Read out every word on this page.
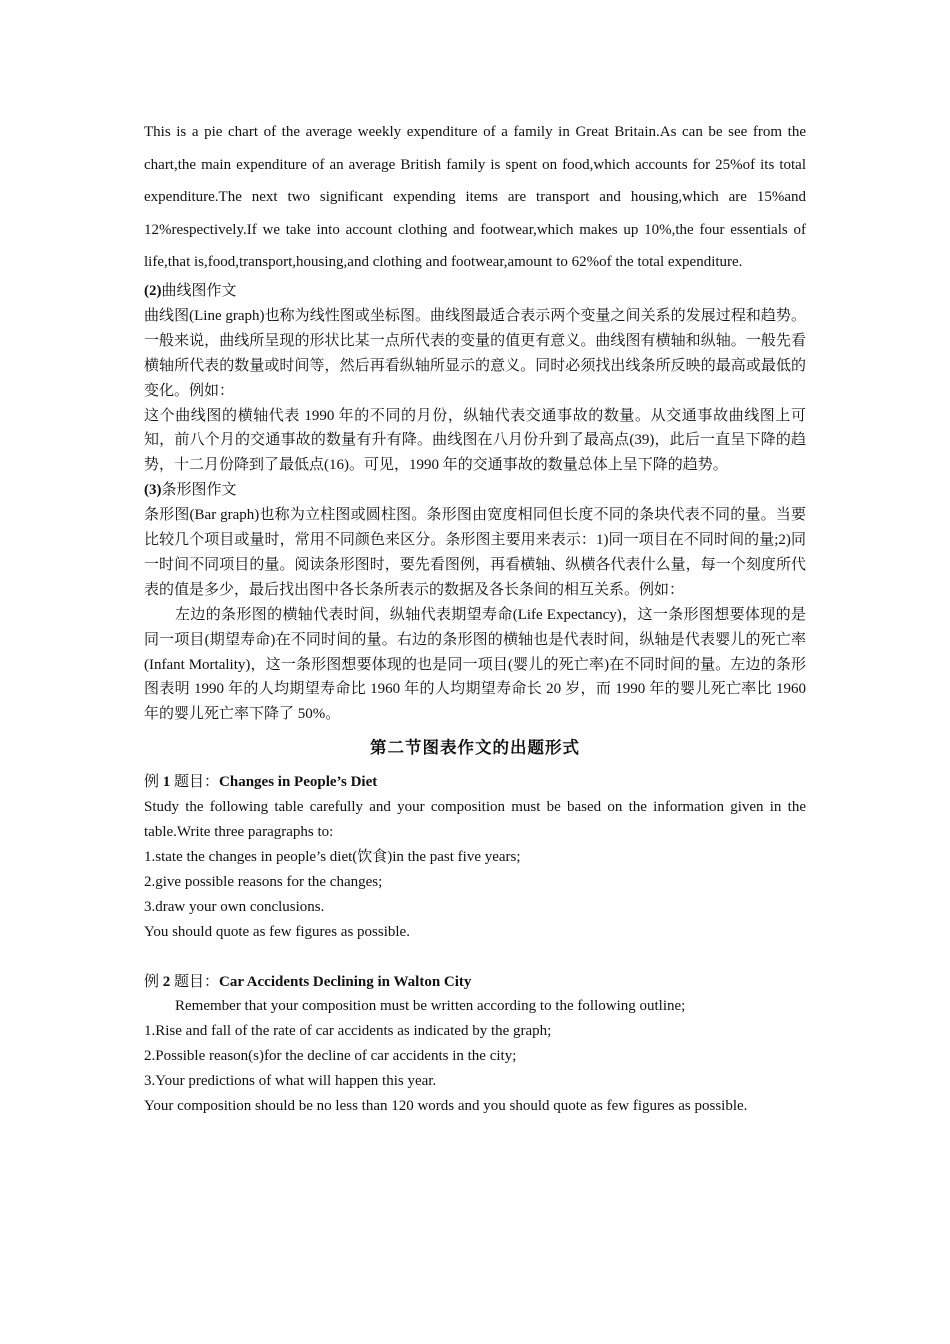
This is a pie chart of the average weekly expenditure of a family in Great Britain.As can be see from the chart,the main expenditure of an average British family is spent on food,which accounts for 25%of its total expenditure.The next two significant expending items are transport and housing,which are 15%and 12%respectively.If we take into account clothing and footwear,which makes up 10%,the four essentials of life,that is,food,transport,housing,and clothing and footwear,amount to 62%of the total expenditure.

(2)曲线图作文

曲线图(Line graph)也称为线性图或坐标图。曲线图最适合表示两个变量之间关系的发展过程和趋势。一般来说，曲线所呈现的形状比某一点所代表的变量的值更有意义。曲线图有横轴和纵轴。一般先看横轴所代表的数量或时间等，然后再看纵轴所显示的意义。同时必须找出线条所反映的最高或最低的变化。例如：

这个曲线图的横轴代表 1990 年的不同的月份，纵轴代表交通事故的数量。从交通事故曲线图上可知，前八个月的交通事故的数量有升有降。曲线图在八月份升到了最高点(39)，此后一直呈下降的趋势，十二月份降到了最低点(16)。可见，1990 年的交通事故的数量总体上呈下降的趋势。

(3)条形图作文

条形图(Bar graph)也称为立柱图或圆柱图。条形图由宽度相同但长度不同的条块代表不同的量。当要比较几个项目或量时，常用不同颜色来区分。条形图主要用来表示：1)同一项目在不同时间的量;2)同一时间不同项目的量。阅读条形图时，要先看图例，再看横轴、纵横各代表什么量，每一个刻度所代表的值是多少，最后找出图中各长条所表示的数据及各长条间的相互关系。例如：

左边的条形图的横轴代表时间，纵轴代表期望寿命(Life Expectancy)，这一条形图想要体现的是同一项目(期望寿命)在不同时间的量。右边的条形图的横轴也是代表时间，纵轴是代表婴儿的死亡率(Infant Mortality)，这一条形图想要体现的也是同一项目(婴儿的死亡率)在不同时间的量。左边的条形图表明 1990 年的人均期望寿命比 1960 年的人均期望寿命长 20 岁，而 1990 年的婴儿死亡率比 1960 年的婴儿死亡率下降了 50%。

第二节图表作文的出题形式

例 1 题目：Changes in People’s Diet

Study the following table carefully and your composition must be based on the information given in the table.Write three paragraphs to:

1.state the changes in people’s diet(饮食)in the past five years;

2.give possible reasons for the changes;

3.draw your own conclusions.

You should quote as few figures as possible.

例 2 题目：Car Accidents Declining in Walton City

Remember that your composition must be written according to the following outline;

1.Rise and fall of the rate of car accidents as indicated by the graph;

2.Possible reason(s)for the decline of car accidents in the city;

3.Your predictions of what will happen this year.

Your composition should be no less than 120 words and you should quote as few figures as possible.
